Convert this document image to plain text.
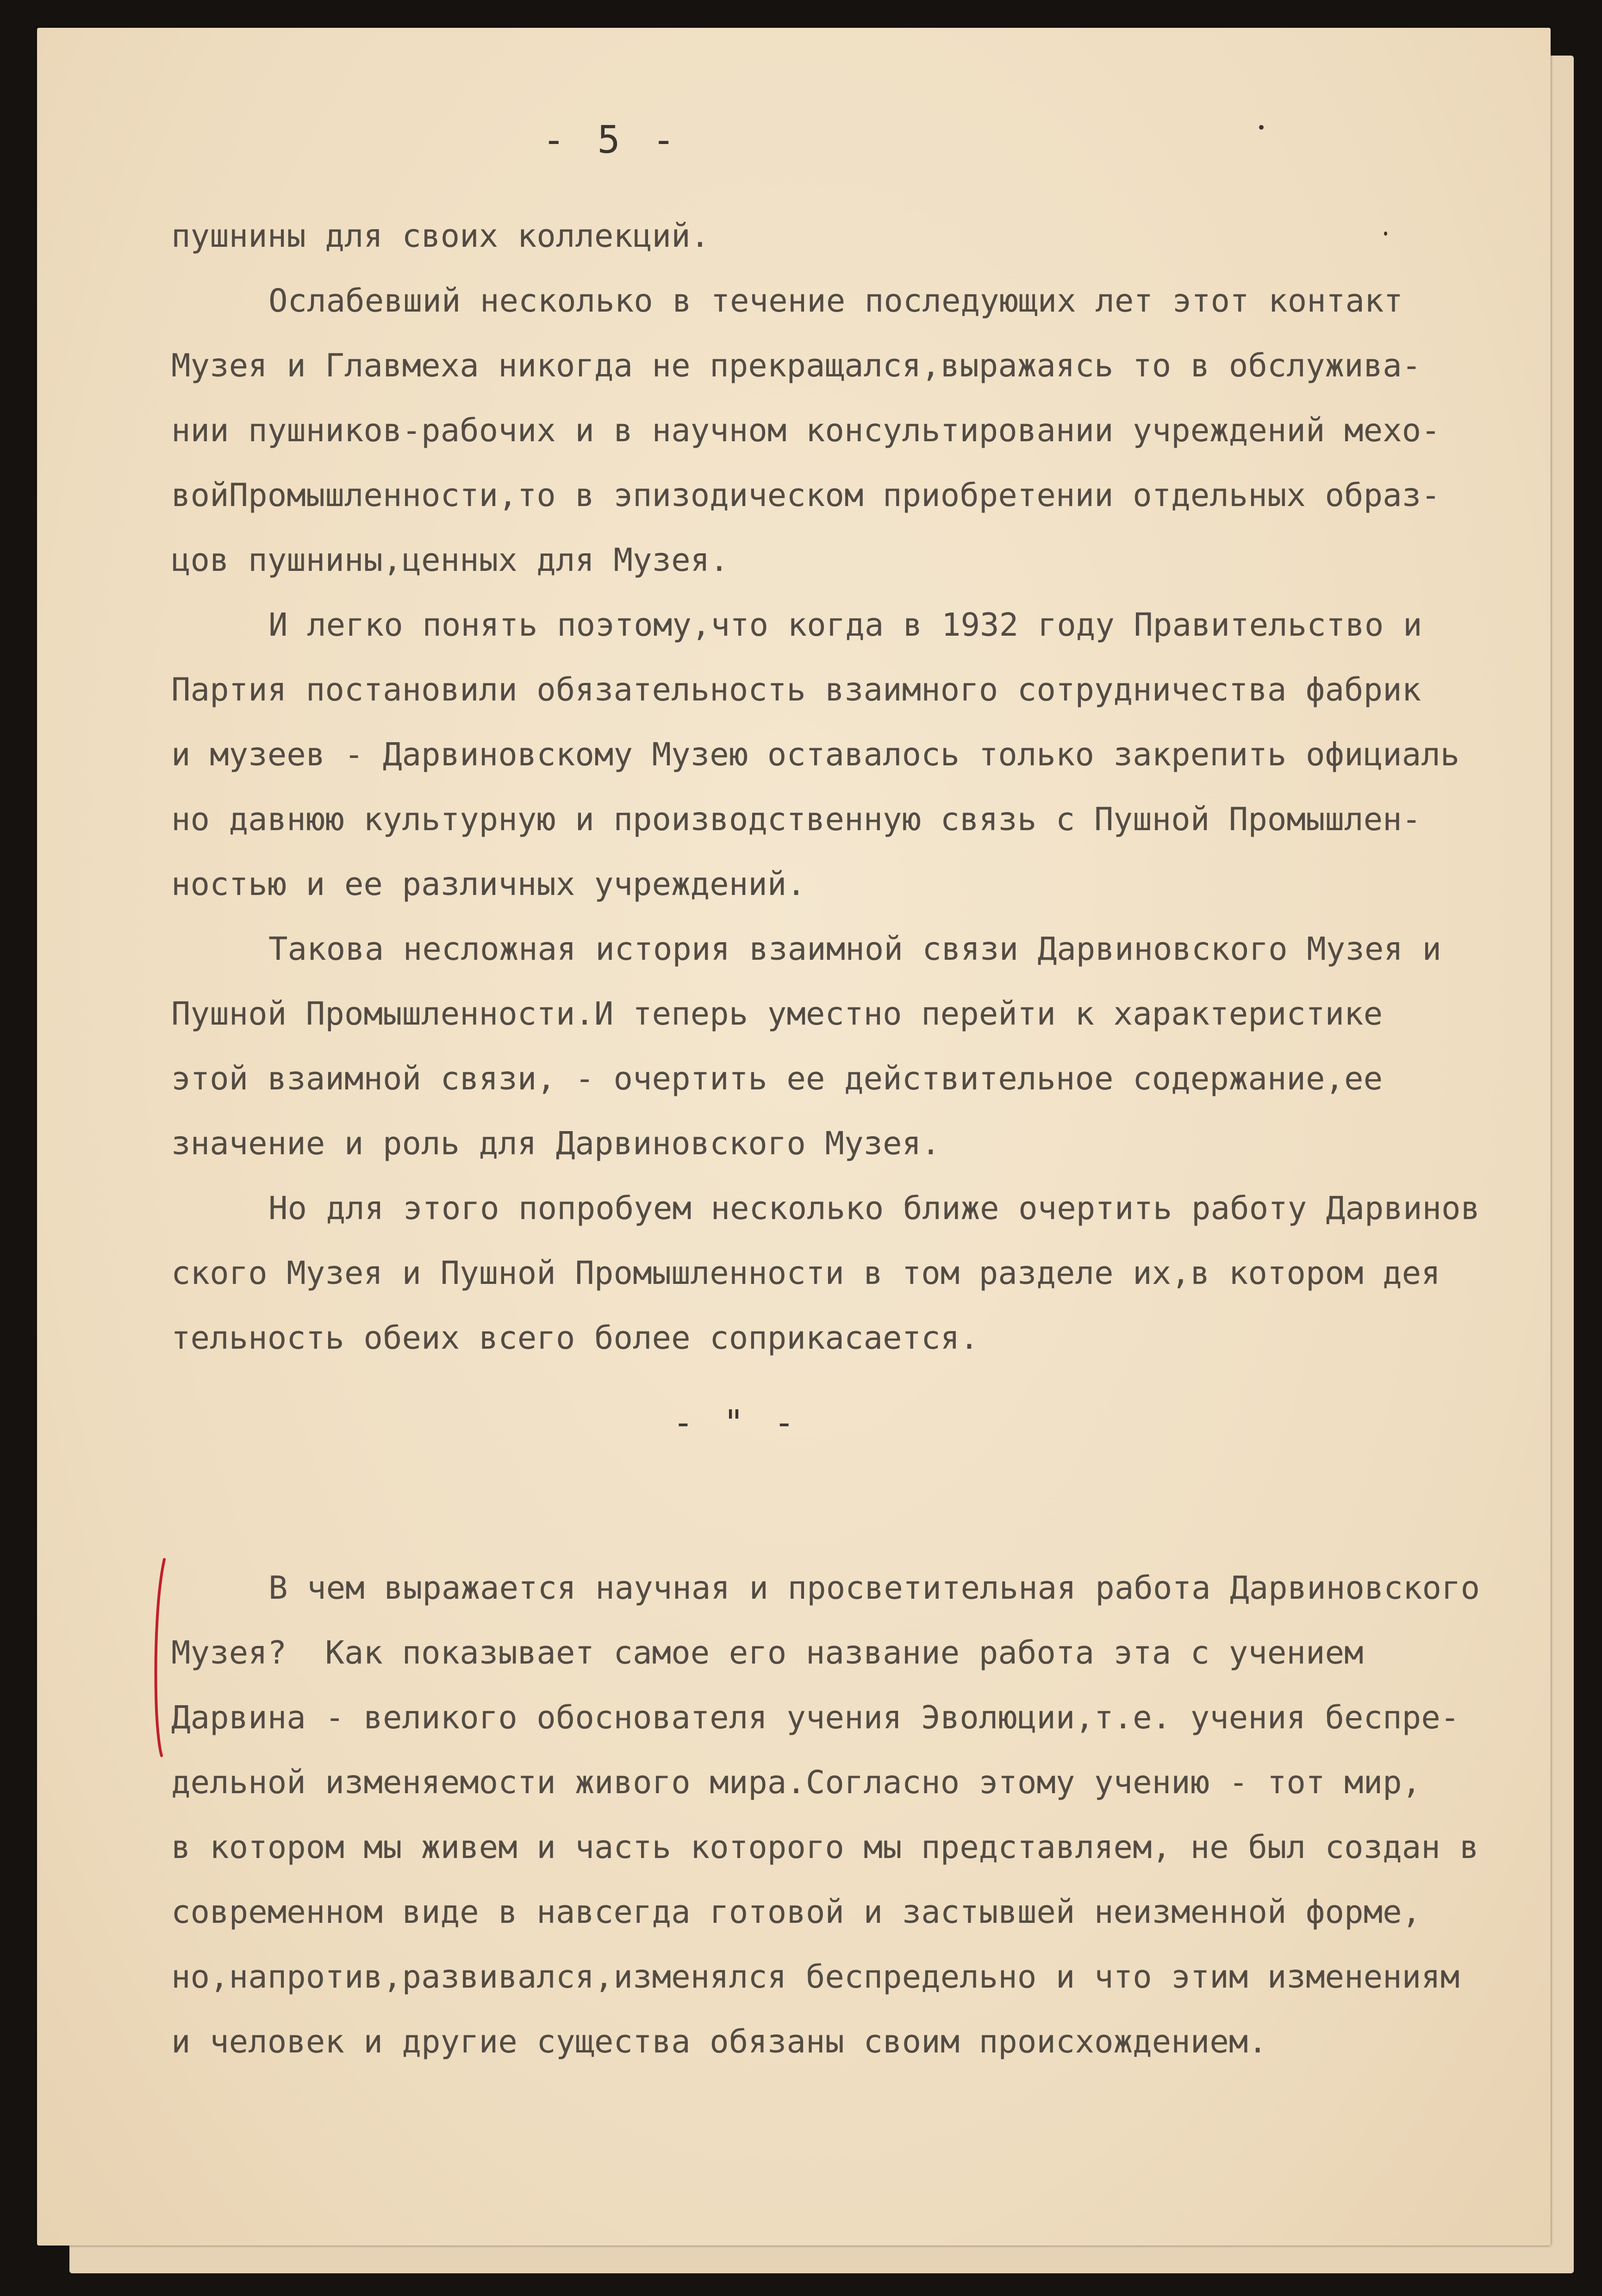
- 5 -
пушнины для своих коллекций.
Ослабевший несколько в течение последующих лет этот контакт
Музея и Главмеха никогда не прекращался,выражаясь то в обслужива-
нии пушников-рабочих и в научном консультировании учреждений мехо-
войПромышленности,то в эпизодическом приобретении отдельных образ-
цов пушнины,ценных для Музея.
И легко понять поэтому,что когда в 1932 году Правительство и
Партия постановили обязательность взаимного сотрудничества фабрик
и музеев - Дарвиновскому Музею оставалось только закрепить официаль
но давнюю культурную и производственную связь с Пушной Промышлен-
ностью и ее различных учреждений.
Такова несложная история взаимной связи Дарвиновского Музея и
Пушной Промышленности.И теперь уместно перейти к характеристике
этой взаимной связи, - очертить ее действительное содержание,ее
значение и роль для Дарвиновского Музея.
Но для этого попробуем несколько ближе очертить работу Дарвинов
ского Музея и Пушной Промышленности в том разделе их,в котором дея
тельность обеих всего более соприкасается.
- " -
В чем выражается научная и просветительная работа Дарвиновского
Музея?  Как показывает самое его название работа эта с учением
Дарвина - великого обоснователя учения Эволюции,т.е. учения беспре-
дельной изменяемости живого мира.Согласно этому учению - тот мир,
в котором мы живем и часть которого мы представляем, не был создан в
современном виде в навсегда готовой и застывшей неизменной форме,
но,напротив,развивался,изменялся беспредельно и что этим изменениям
и человек и другие существа обязаны своим происхождением.
